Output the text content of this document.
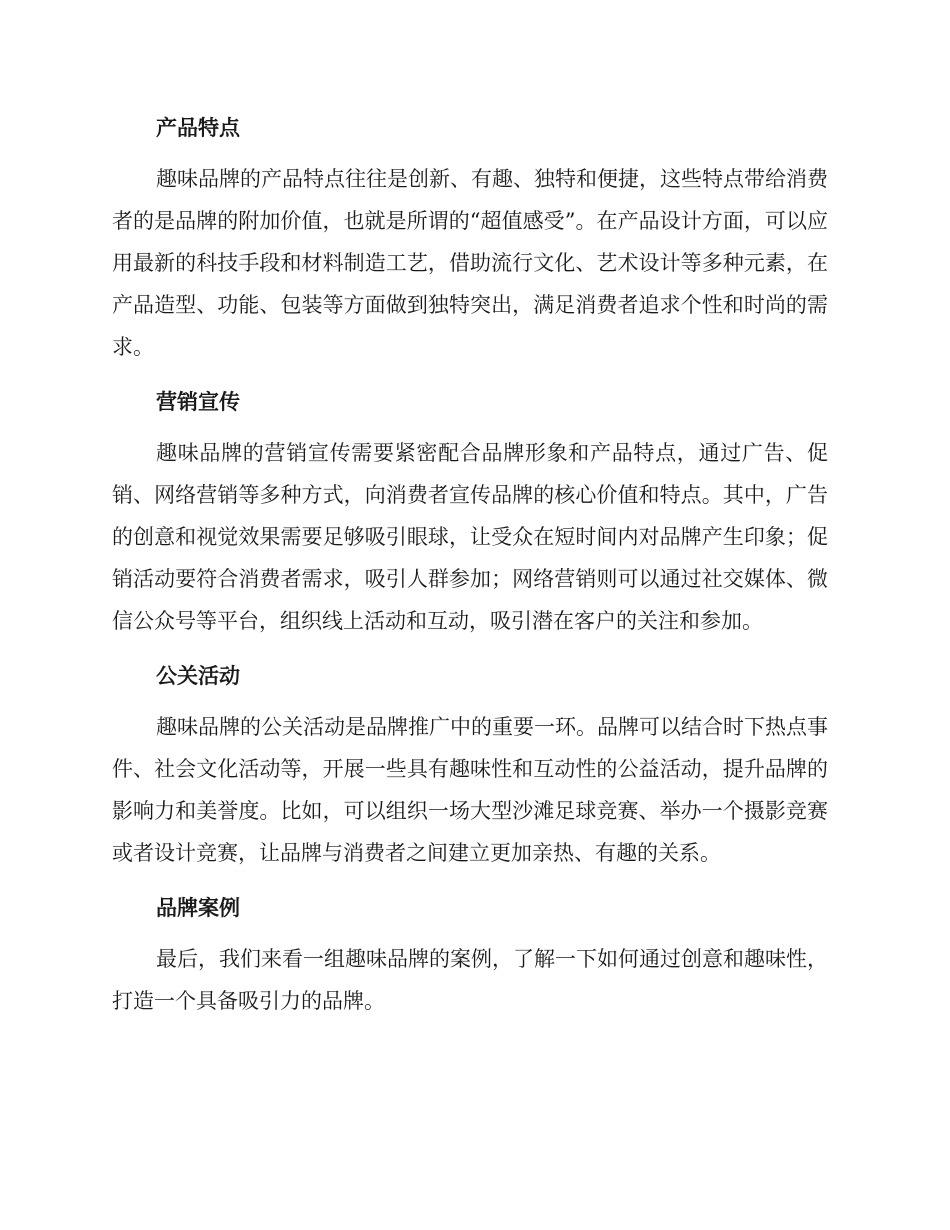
产品特点

趣味品牌的产品特点往往是创新、有趣、独特和便捷，这些特点带给消费者的是品牌的附加价值，也就是所谓的“超值感受”。在产品设计方面，可以应用最新的科技手段和材料制造工艺，借助流行文化、艺术设计等多种元素，在产品造型、功能、包装等方面做到独特突出，满足消费者追求个性和时尚的需求。

营销宣传

趣味品牌的营销宣传需要紧密配合品牌形象和产品特点，通过广告、促销、网络营销等多种方式，向消费者宣传品牌的核心价值和特点。其中，广告的创意和视觉效果需要足够吸引眼球，让受众在短时间内对品牌产生印象；促销活动要符合消费者需求，吸引人群参加；网络营销则可以通过社交媒体、微信公众号等平台，组织线上活动和互动，吸引潜在客户的关注和参加。

公关活动

趣味品牌的公关活动是品牌推广中的重要一环。品牌可以结合时下热点事件、社会文化活动等，开展一些具有趣味性和互动性的公益活动，提升品牌的影响力和美誉度。比如，可以组织一场大型沙滩足球竞赛、举办一个摄影竞赛或者设计竞赛，让品牌与消费者之间建立更加亲热、有趣的关系。

品牌案例

最后，我们来看一组趣味品牌的案例，了解一下如何通过创意和趣味性，打造一个具备吸引力的品牌。
